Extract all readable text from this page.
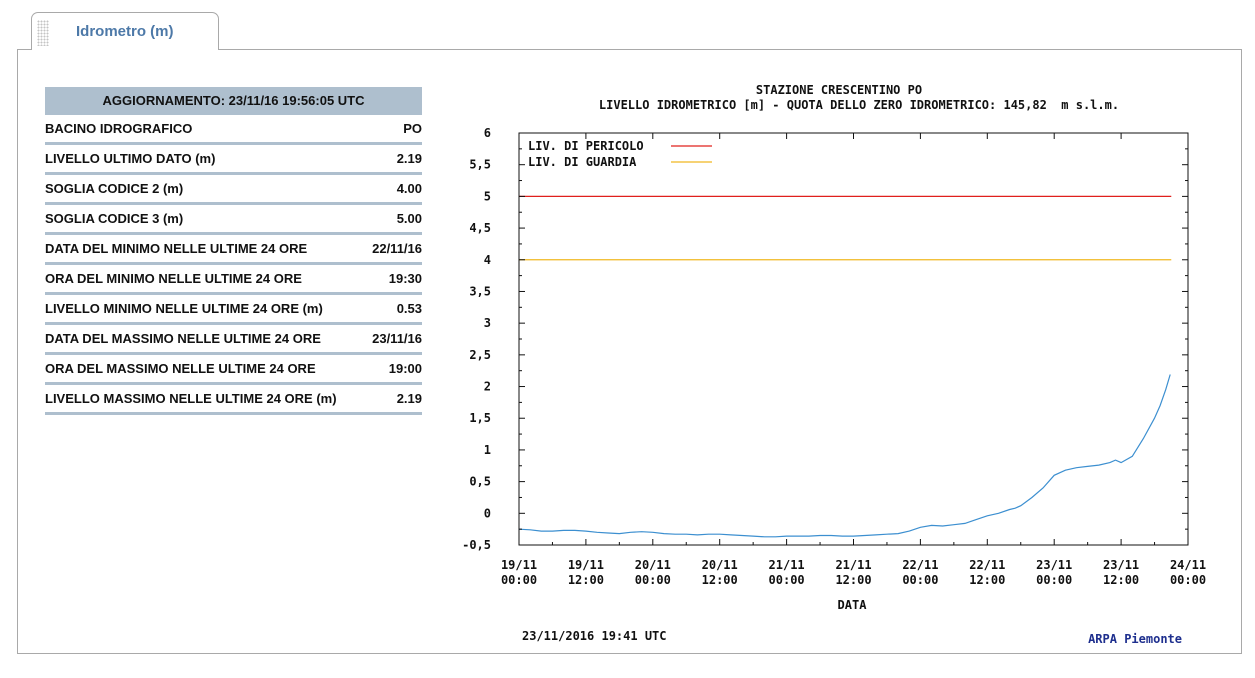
Idrometro (m)
AGGIORNAMENTO: 23/11/16 19:56:05 UTC
BACINO IDROGRAFICO	PO
LIVELLO ULTIMO DATO (m)	2.19
SOGLIA CODICE 2 (m)	4.00
SOGLIA CODICE 3 (m)	5.00
DATA DEL MINIMO NELLE ULTIME 24 ORE	22/11/16
ORA DEL MINIMO NELLE ULTIME 24 ORE	19:30
LIVELLO MINIMO NELLE ULTIME 24 ORE (m)	0.53
DATA DEL MASSIMO NELLE ULTIME 24 ORE	23/11/16
ORA DEL MASSIMO NELLE ULTIME 24 ORE	19:00
LIVELLO MASSIMO NELLE ULTIME 24 ORE (m)	2.19
STAZIONE CRESCENTINO PO
LIVELLO IDROMETRICO [m] - QUOTA DELLO ZERO IDROMETRICO: 145,82  m s.l.m.
6
5,5
5
4,5
4
3,5
3
2,5
2
1,5
1
0,5
0
-0,5
19/11
00:00
19/11
12:00
20/11
00:00
20/11
12:00
21/11
00:00
21/11
12:00
22/11
00:00
22/11
12:00
23/11
00:00
23/11
12:00
24/11
00:00
LIV. DI PERICOLO
LIV. DI GUARDIA
DATA
23/11/2016 19:41 UTC	ARPA Piemonte
